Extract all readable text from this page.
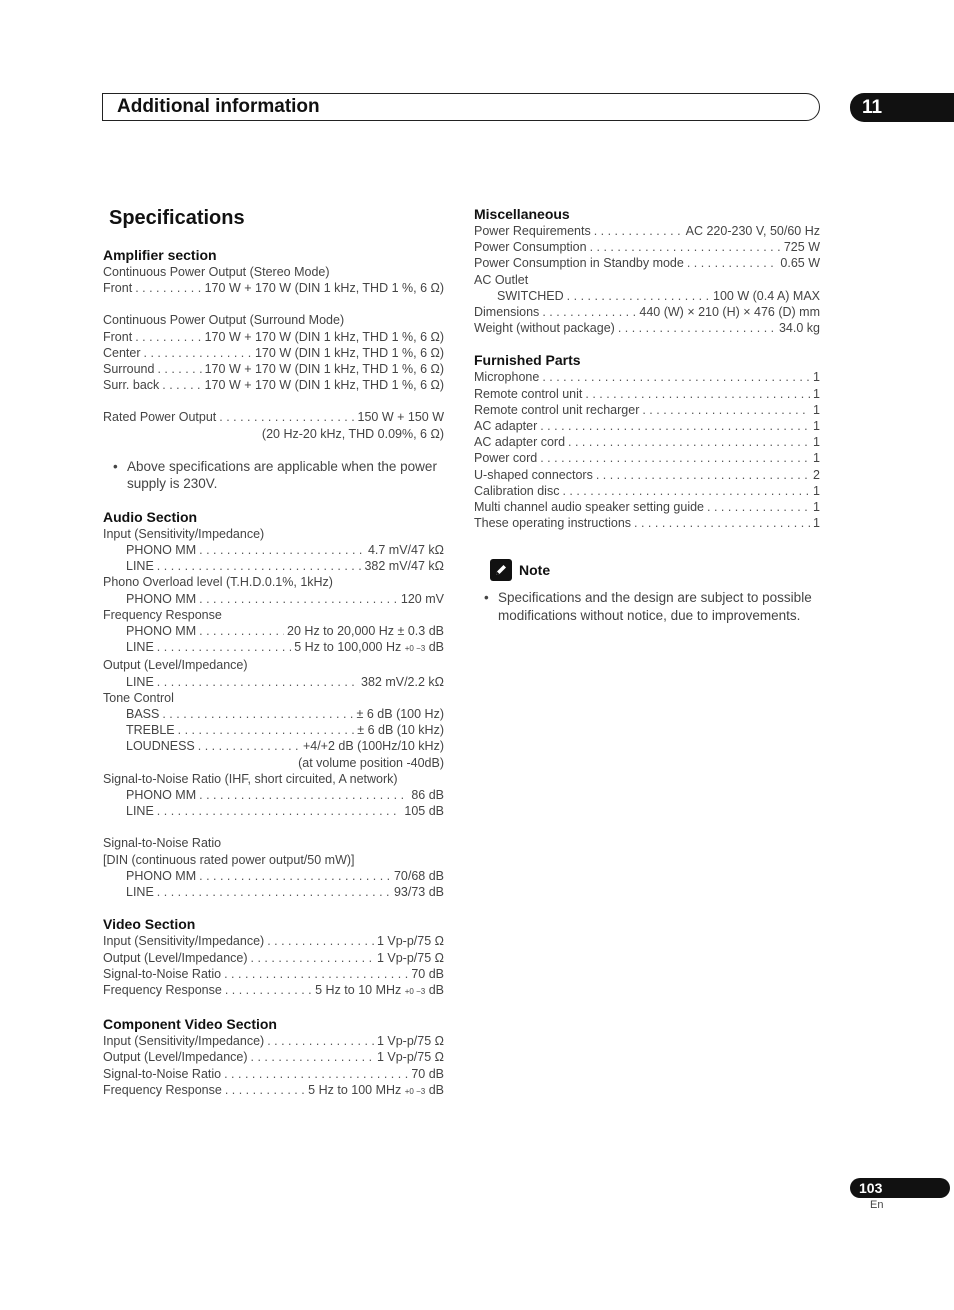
Additional information	11
Specifications
Amplifier section
Continuous Power Output (Stereo Mode)
Front . . .	170 W + 170 W (DIN 1 kHz, THD 1 %, 6 Ω)
Continuous Power Output (Surround Mode)
Front . . .	170 W + 170 W (DIN 1 kHz, THD 1 %, 6 Ω)
Center . . .	170 W (DIN 1 kHz, THD 1 %, 6 Ω)
Surround . . .	170 W + 170 W (DIN 1 kHz, THD 1 %, 6 Ω)
Surr. back . . .	170 W + 170 W (DIN 1 kHz, THD 1 %, 6 Ω)
Rated Power Output . . .	150 W + 150 W
(20 Hz-20 kHz, THD 0.09%, 6 Ω)
• Above specifications are applicable when the power supply is 230V.
Audio Section
Input (Sensitivity/Impedance)
PHONO MM . . .	4.7 mV/47 kΩ
LINE . . .	382 mV/47 kΩ
Phono Overload level (T.H.D.0.1%, 1kHz)
PHONO MM . . .	120 mV
Frequency Response
PHONO MM . . .	20 Hz to 20,000 Hz ± 0.3 dB
LINE . . .	5 Hz to 100,000 Hz +0 −3 dB
Output (Level/Impedance)
LINE . . .	382 mV/2.2 kΩ
Tone Control
BASS . . .	± 6 dB (100 Hz)
TREBLE . . .	± 6 dB (10 kHz)
LOUDNESS . . .	+4/+2 dB (100Hz/10 kHz)
(at volume position -40dB)
Signal-to-Noise Ratio (IHF, short circuited, A network)
PHONO MM . . .	86 dB
LINE . . .	105 dB
Signal-to-Noise Ratio
[DIN (continuous rated power output/50 mW)]
PHONO MM . . .	70/68 dB
LINE . . .	93/73 dB
Video Section
Input (Sensitivity/Impedance) . . .	1 Vp-p/75 Ω
Output (Level/Impedance) . . .	1 Vp-p/75 Ω
Signal-to-Noise Ratio . . .	70 dB
Frequency Response . . .	5 Hz to 10 MHz +0 −3 dB
Component Video Section
Input (Sensitivity/Impedance) . . .	1 Vp-p/75 Ω
Output (Level/Impedance) . . .	1 Vp-p/75 Ω
Signal-to-Noise Ratio . . .	70 dB
Frequency Response . . .	5 Hz to 100 MHz +0 −3 dB
Miscellaneous
Power Requirements . . .	AC 220-230 V, 50/60 Hz
Power Consumption . . .	725 W
Power Consumption in Standby mode . . .	0.65 W
AC Outlet
SWITCHED . . .	100 W (0.4 A) MAX
Dimensions . . .	440 (W) × 210 (H) × 476 (D) mm
Weight (without package) . . .	34.0 kg
Furnished Parts
Microphone . . .	1
Remote control unit . . .	1
Remote control unit recharger . . .	1
AC adapter . . .	1
AC adapter cord . . .	1
Power cord . . .	1
U-shaped connectors . . .	2
Calibration disc . . .	1
Multi channel audio speaker setting guide . . .	1
These operating instructions . . .	1
Note
• Specifications and the design are subject to possible modifications without notice, due to improvements.
103
En
